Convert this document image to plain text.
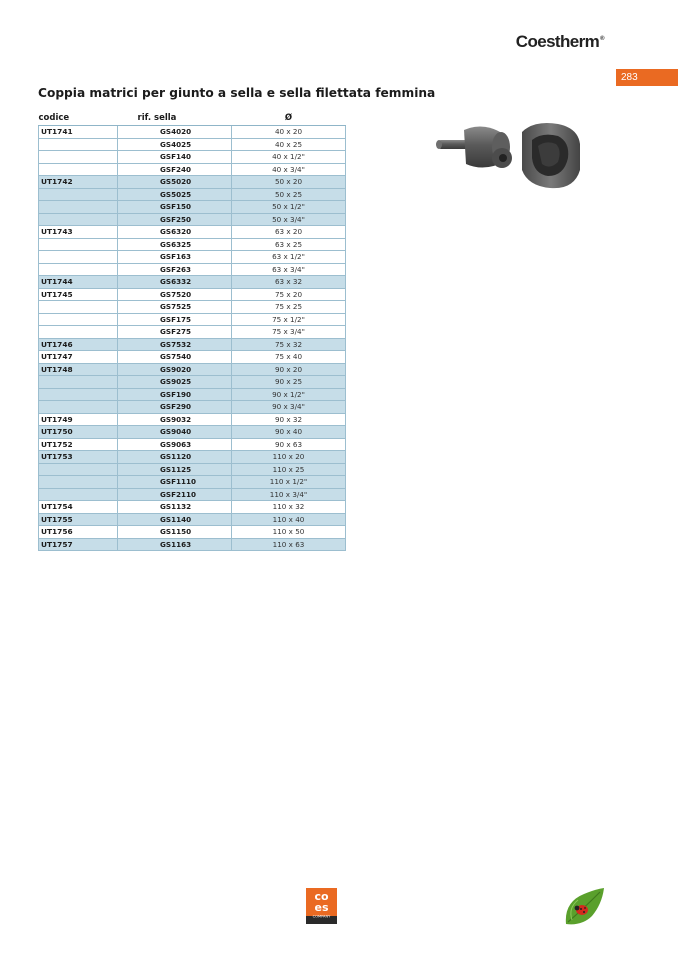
Coestherm®
283
Coppia matrici per giunto a sella e sella filettata femmina
codice	rif. sella	Ø
UT1741	GS4020	40 x 20
	GS4025	40 x 25
	GSF140	40 x 1/2"
	GSF240	40 x 3/4"
UT1742	GS5020	50 x 20
	GS5025	50 x 25
	GSF150	50 x 1/2"
	GSF250	50 x 3/4"
UT1743	GS6320	63 x 20
	GS6325	63 x 25
	GSF163	63 x 1/2"
	GSF263	63 x 3/4"
UT1744	GS6332	63 x 32
UT1745	GS7520	75 x 20
	GS7525	75 x 25
	GSF175	75 x 1/2"
	GSF275	75 x 3/4"
UT1746	GS7532	75 x 32
UT1747	GS7540	75 x 40
UT1748	GS9020	90 x 20
	GS9025	90 x 25
	GSF190	90 x 1/2"
	GSF290	90 x 3/4"
UT1749	GS9032	90 x 32
UT1750	GS9040	90 x 40
UT1752	GS9063	90 x 63
UT1753	GS1120	110 x 20
	GS1125	110 x 25
	GSF1110	110 x 1/2"
	GSF2110	110 x 3/4"
UT1754	GS1132	110 x 32
UT1755	GS1140	110 x 40
UT1756	GS1150	110 x 50
UT1757	GS1163	110 x 63
co
es
COMPANY
